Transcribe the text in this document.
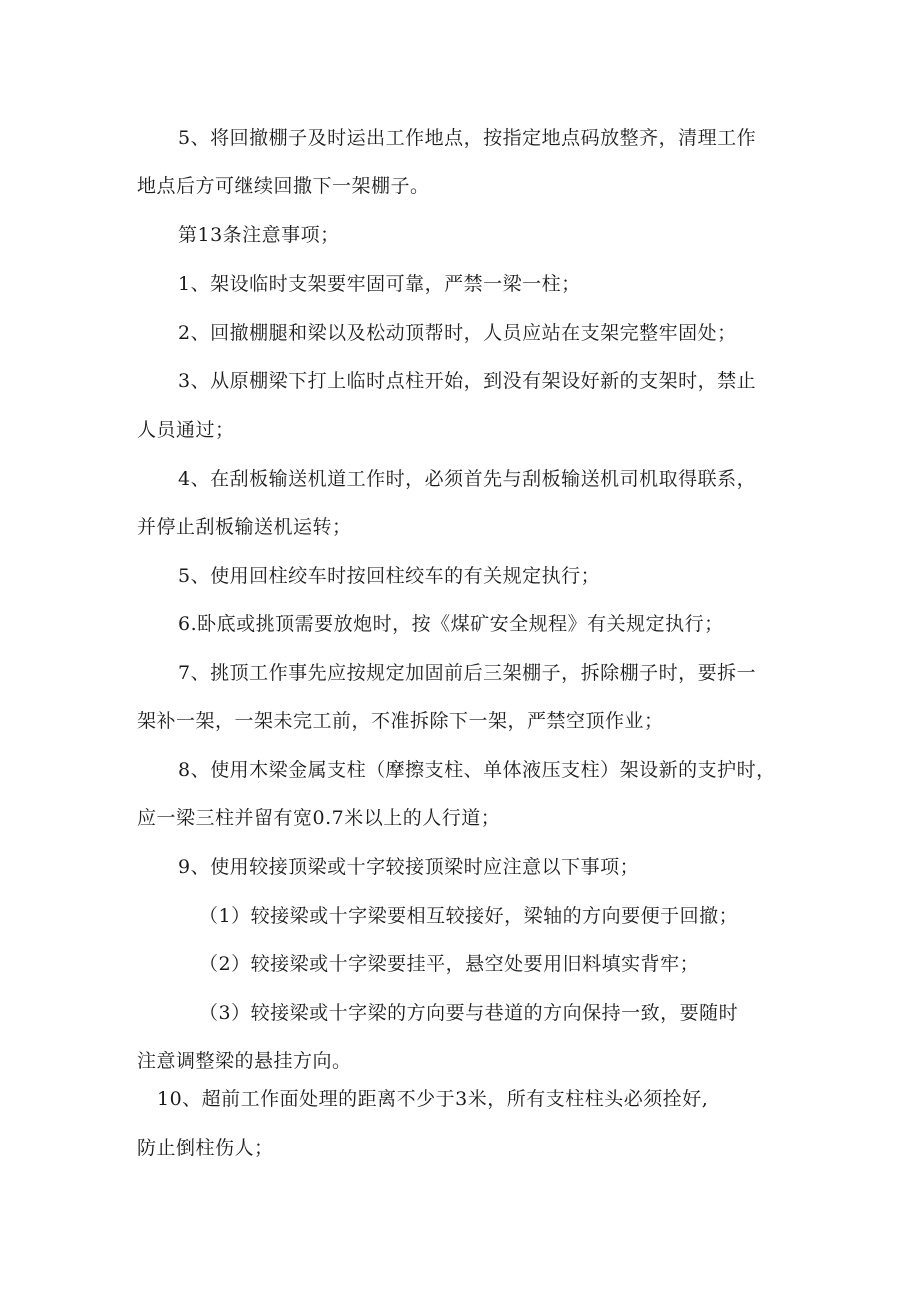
5、将回撤棚子及时运出工作地点，按指定地点码放整齐，清理工作
地点后方可继续回撒下一架棚子。
第13条注意事项；
1、架设临时支架要牢固可靠，严禁一梁一柱；
2、回撤棚腿和梁以及松动顶帮时，人员应站在支架完整牢固处；
3、从原棚梁下打上临时点柱开始，到没有架设好新的支架时，禁止
人员通过；
4、在刮板输送机道工作时，必须首先与刮板输送机司机取得联系，
并停止刮板输送机运转；
5、使用回柱绞车时按回柱绞车的有关规定执行；
6.卧底或挑顶需要放炮时，按《煤矿安全规程》有关规定执行；
7、挑顶工作事先应按规定加固前后三架棚子，拆除棚子时，要拆一
架补一架，一架未完工前，不准拆除下一架，严禁空顶作业；
8、使用木梁金属支柱（摩擦支柱、单体液压支柱）架设新的支护时，
应一梁三柱并留有宽0.7米以上的人行道；
9、使用较接顶梁或十字较接顶梁时应注意以下事项；
（1）较接梁或十字梁要相互较接好，梁轴的方向要便于回撤；
（2）较接梁或十字梁要挂平，悬空处要用旧料填实背牢；
（3）较接梁或十字梁的方向要与巷道的方向保持一致，要随时
注意调整梁的悬挂方向。
10、超前工作面处理的距离不少于3米，所有支柱柱头必须拴好,
防止倒柱伤人；
